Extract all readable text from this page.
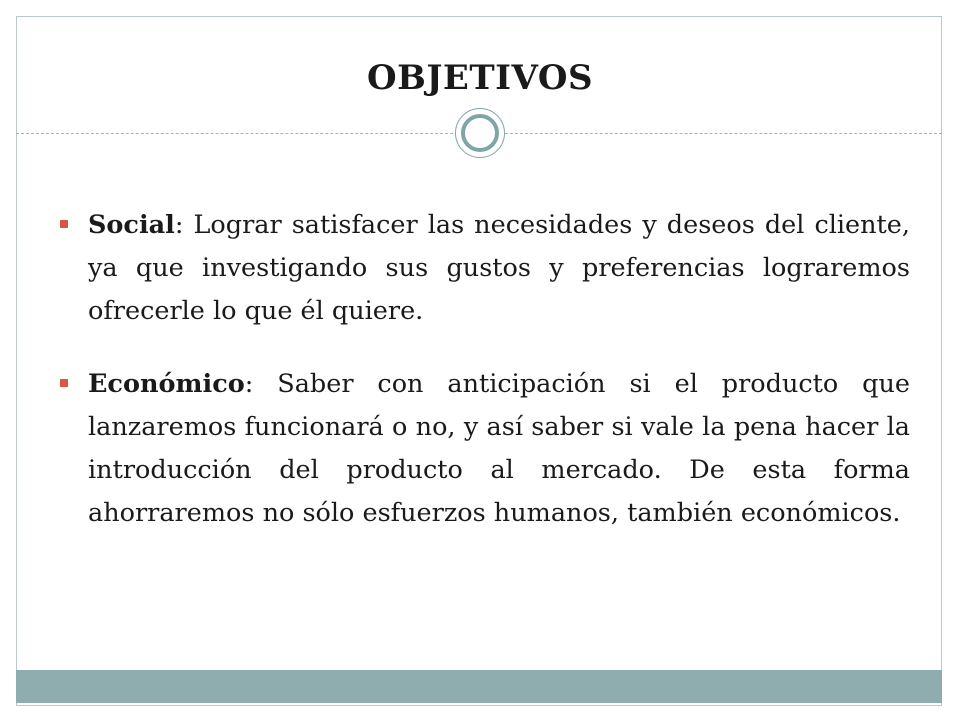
OBJETIVOS
Social: Lograr satisfacer las necesidades y deseos del cliente, ya que investigando sus gustos y preferencias lograremos ofrecerle lo que él quiere.
Económico: Saber con anticipación si el producto que lanzaremos funcionará o no, y así saber si vale la pena hacer la introducción del producto al mercado. De esta forma ahorraremos no sólo esfuerzos humanos, también económicos.
